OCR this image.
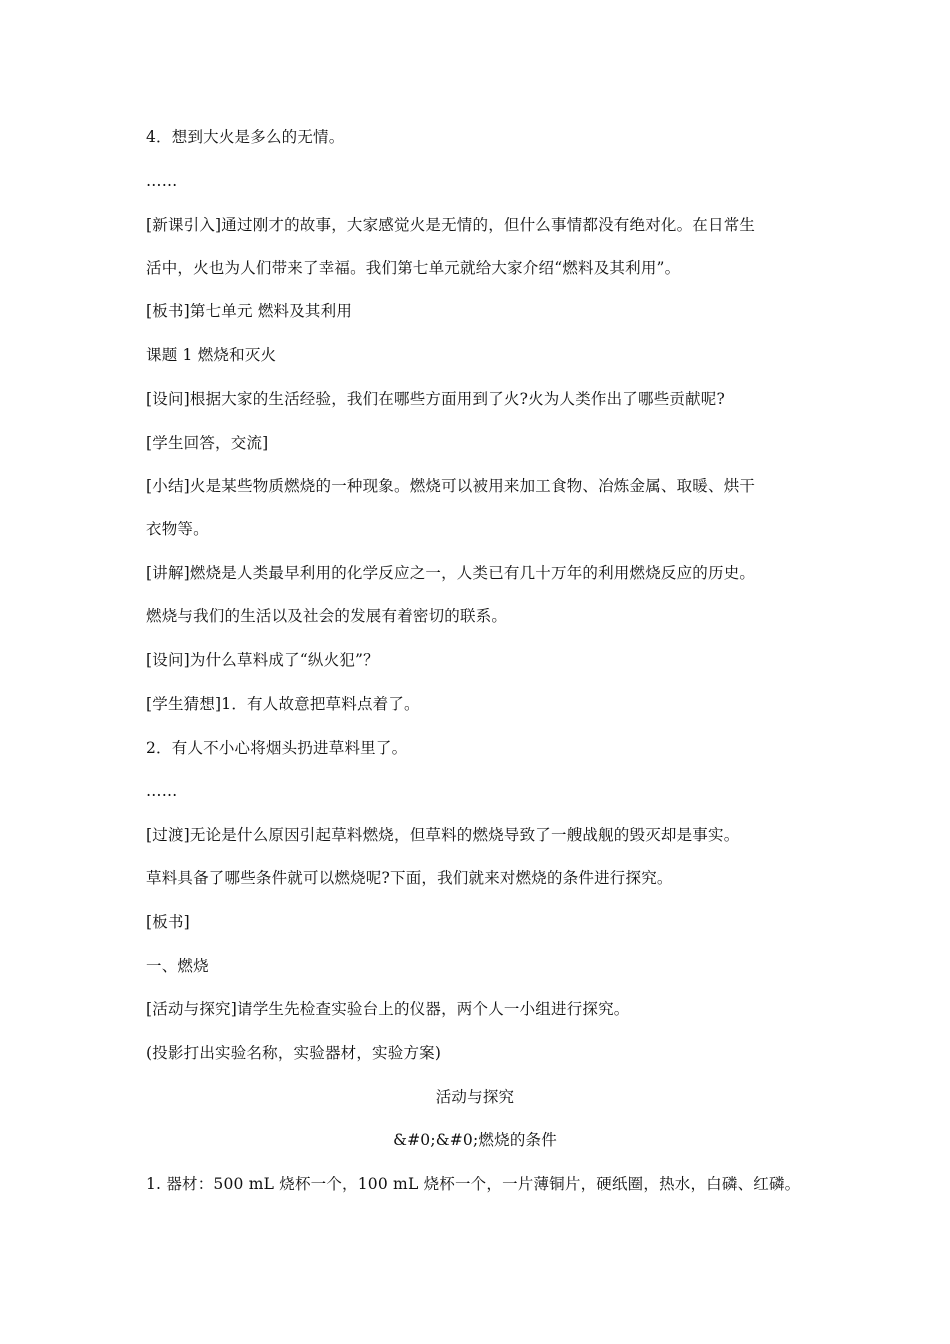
4．想到大火是多么的无情。
……
[新课引入]通过刚才的故事，大家感觉火是无情的，但什么事情都没有绝对化。在日常生
活中，火也为人们带来了幸福。我们第七单元就给大家介绍“燃料及其利用”。
[板书]第七单元 燃料及其利用
课题 1 燃烧和灭火
[设问]根据大家的生活经验，我们在哪些方面用到了火?火为人类作出了哪些贡献呢?
[学生回答，交流]
[小结]火是某些物质燃烧的一种现象。燃烧可以被用来加工食物、冶炼金属、取暖、烘干
衣物等。
[讲解]燃烧是人类最早利用的化学反应之一，人类已有几十万年的利用燃烧反应的历史。
燃烧与我们的生活以及社会的发展有着密切的联系。
[设问]为什么草料成了“纵火犯”？
[学生猜想]1．有人故意把草料点着了。
2．有人不小心将烟头扔进草料里了。
……
[过渡]无论是什么原因引起草料燃烧，但草料的燃烧导致了一艘战舰的毁灭却是事实。
草料具备了哪些条件就可以燃烧呢?下面，我们就来对燃烧的条件进行探究。
[板书]
一、燃烧
[活动与探究]请学生先检查实验台上的仪器，两个人一小组进行探究。
(投影打出实验名称，实验器材，实验方案)
活动与探究
&#0;&#0;燃烧的条件
1. 器材：500 mL 烧杯一个，100 mL 烧杯一个，一片薄铜片，硬纸圈，热水，白磷、红磷。
